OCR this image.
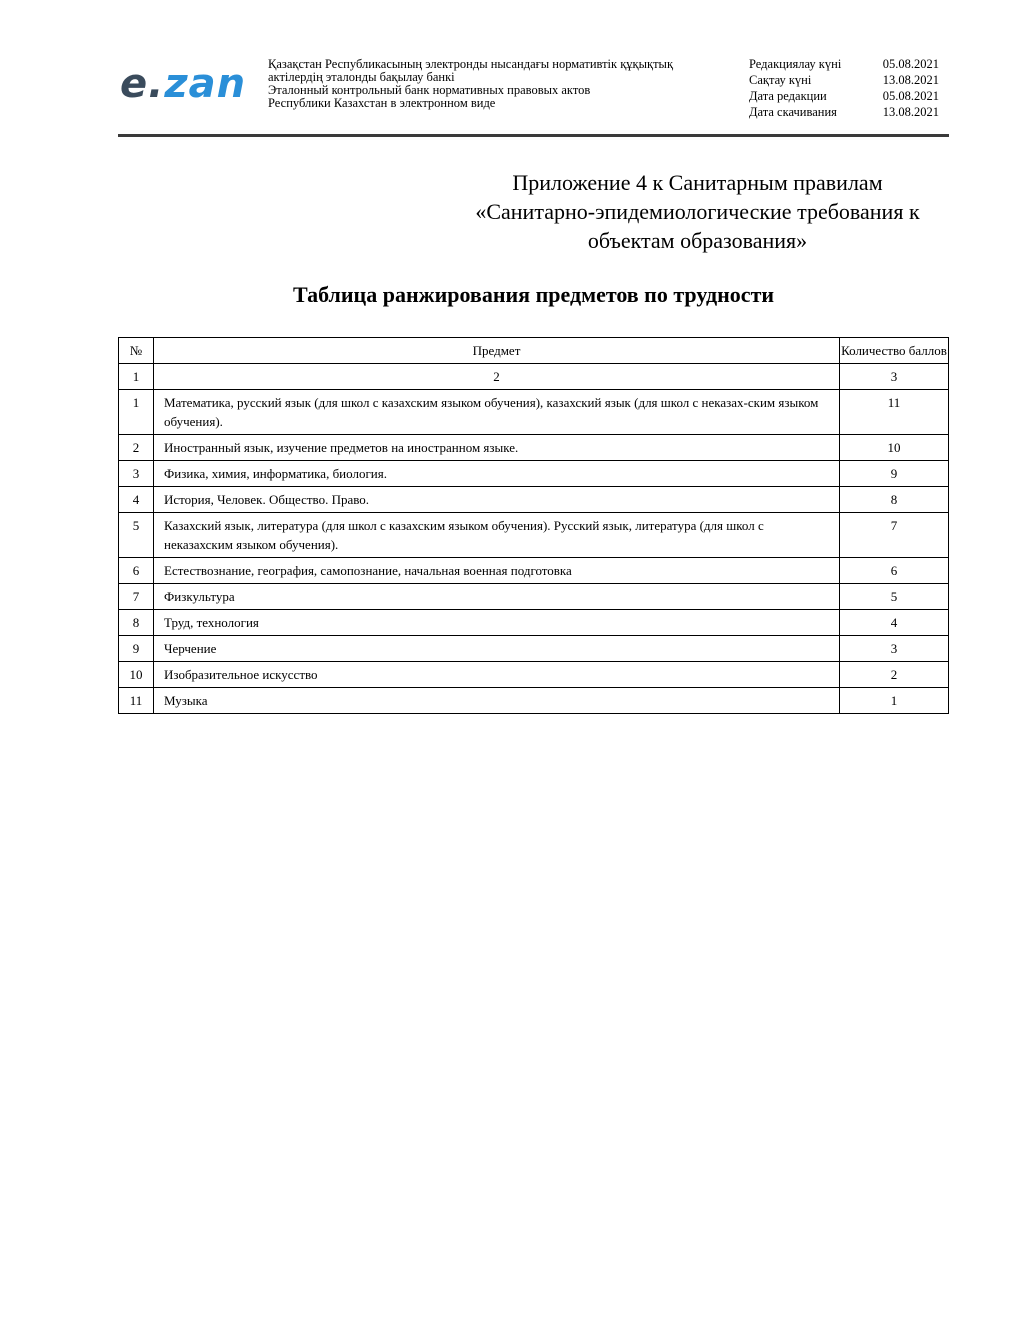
e.zan Қазақстан Республикасының электронды нысандағы нормативтік құқықтық
актілердің эталонды бақылау банкі
Эталонный контрольный банк нормативных правовых актов
Республики Казахстан в электронном виде
Редакциялау күні	05.08.2021
Сақтау күні	13.08.2021
Дата редакции	05.08.2021
Дата скачивания	13.08.2021
Приложение 4 к Санитарным правилам
«Санитарно-эпидемиологические требования к
объектам образования»
Таблица ранжирования предметов по трудности
№	Предмет	Количество баллов
1	2	3
1	Математика, русский язык (для школ с казахским языком обучения), казахский язык (для школ с неказах-ским языком обучения).	11
2	Иностранный язык, изучение предметов на иностранном языке.	10
3	Физика, химия, информатика, биология.	9
4	История, Человек. Общество. Право.	8
5	Казахский язык, литература (для школ с казахским языком обучения). Русский язык, литература (для школ с неказахским языком обучения).	7
6	Естествознание, география, самопознание, начальная военная подготовка	6
7	Физкультура	5
8	Труд, технология	4
9	Черчение	3
10	Изобразительное искусство	2
11	Музыка	1
